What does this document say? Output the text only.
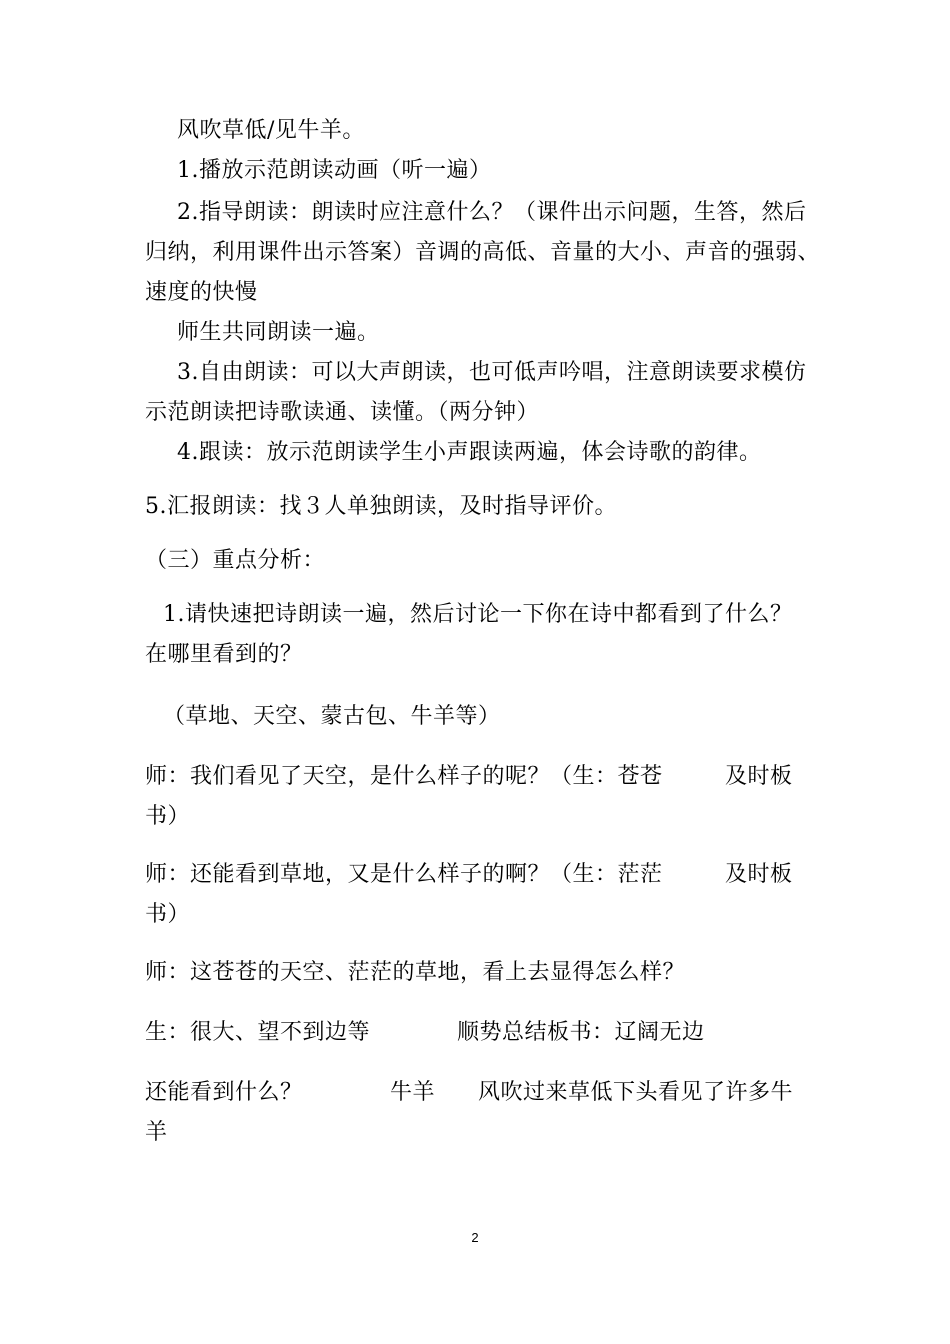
风吹草低/见牛羊。
1.播放示范朗读动画（听一遍）
2.指导朗读：朗读时应注意什么？（课件出示问题，生答，然后
归纳，利用课件出示答案）音调的高低、音量的大小、声音的强弱、
速度的快慢
师生共同朗读一遍。
3.自由朗读：可以大声朗读，也可低声吟唱，注意朗读要求模仿
示范朗读把诗歌读通、读懂。（两分钟）
4.跟读：放示范朗读学生小声跟读两遍，体会诗歌的韵律。
5.汇报朗读：找３人单独朗读，及时指导评价。
（三）重点分析：
1.请快速把诗朗读一遍，然后讨论一下你在诗中都看到了什么？
在哪里看到的？
（草地、天空、蒙古包、牛羊等）
师：我们看见了天空，是什么样子的呢？（生：苍苍	及时板
书）
师：还能看到草地，又是什么样子的啊？（生：茫茫	及时板
书）
师：这苍苍的天空、茫茫的草地，看上去显得怎么样？
生：很大、望不到边等	顺势总结板书：辽阔无边
还能看到什么？	牛羊 风吹过来草低下头看见了许多牛
羊
2
